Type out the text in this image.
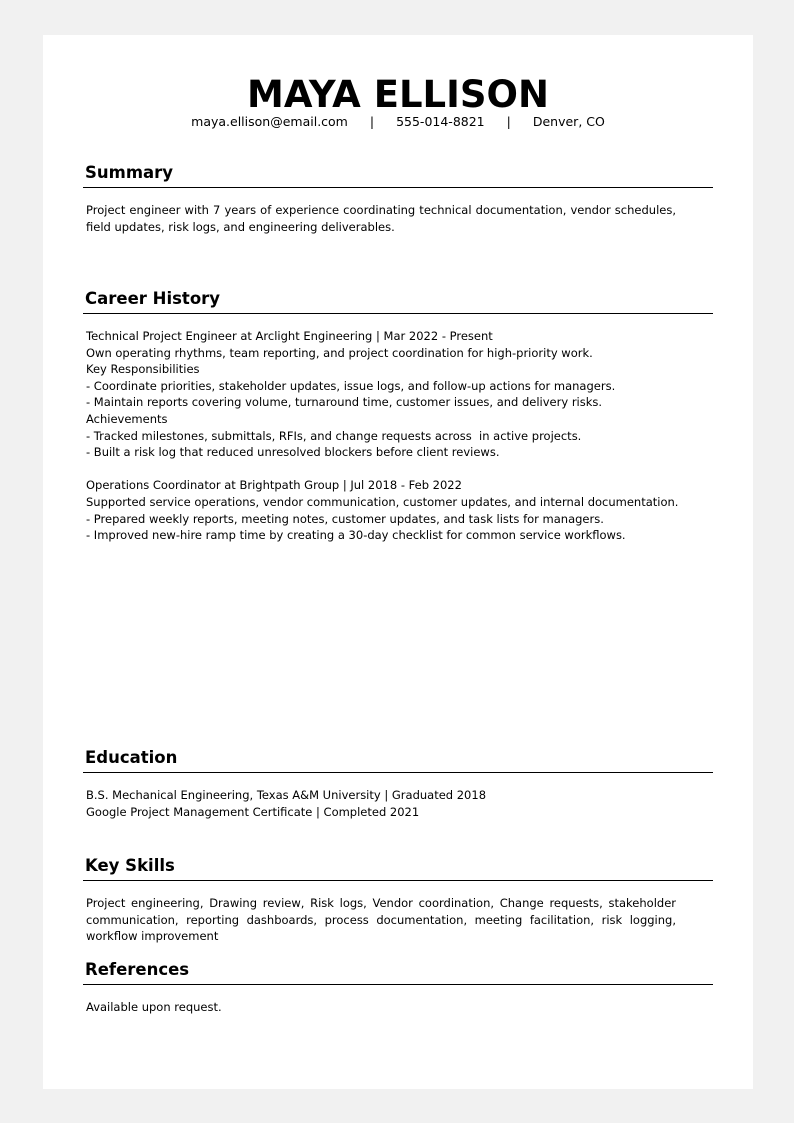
MAYA ELLISON
maya.ellison@email.com | 555-014-8821 | Denver, CO
Summary
Project engineer with 7 years of experience coordinating technical documentation, vendor schedules, field updates, risk logs, and engineering deliverables.
Career History
Technical Project Engineer at Arclight Engineering | Mar 2022 - Present
Own operating rhythms, team reporting, and project coordination for high-priority work.
Key Responsibilities
- Coordinate priorities, stakeholder updates, issue logs, and follow-up actions for managers.
- Maintain reports covering volume, turnaround time, customer issues, and delivery risks.
Achievements
- Tracked milestones, submittals, RFIs, and change requests across  in active projects.
- Built a risk log that reduced unresolved blockers before client reviews.
Operations Coordinator at Brightpath Group | Jul 2018 - Feb 2022
Supported service operations, vendor communication, customer updates, and internal documentation.
- Prepared weekly reports, meeting notes, customer updates, and task lists for managers.
- Improved new-hire ramp time by creating a 30-day checklist for common service workflows.
Education
B.S. Mechanical Engineering, Texas A&M University | Graduated 2018
Google Project Management Certificate | Completed 2021
Key Skills
Project engineering, Drawing review, Risk logs, Vendor coordination, Change requests, stakeholder communication, reporting dashboards, process documentation, meeting facilitation, risk logging, workflow improvement
References
Available upon request.
